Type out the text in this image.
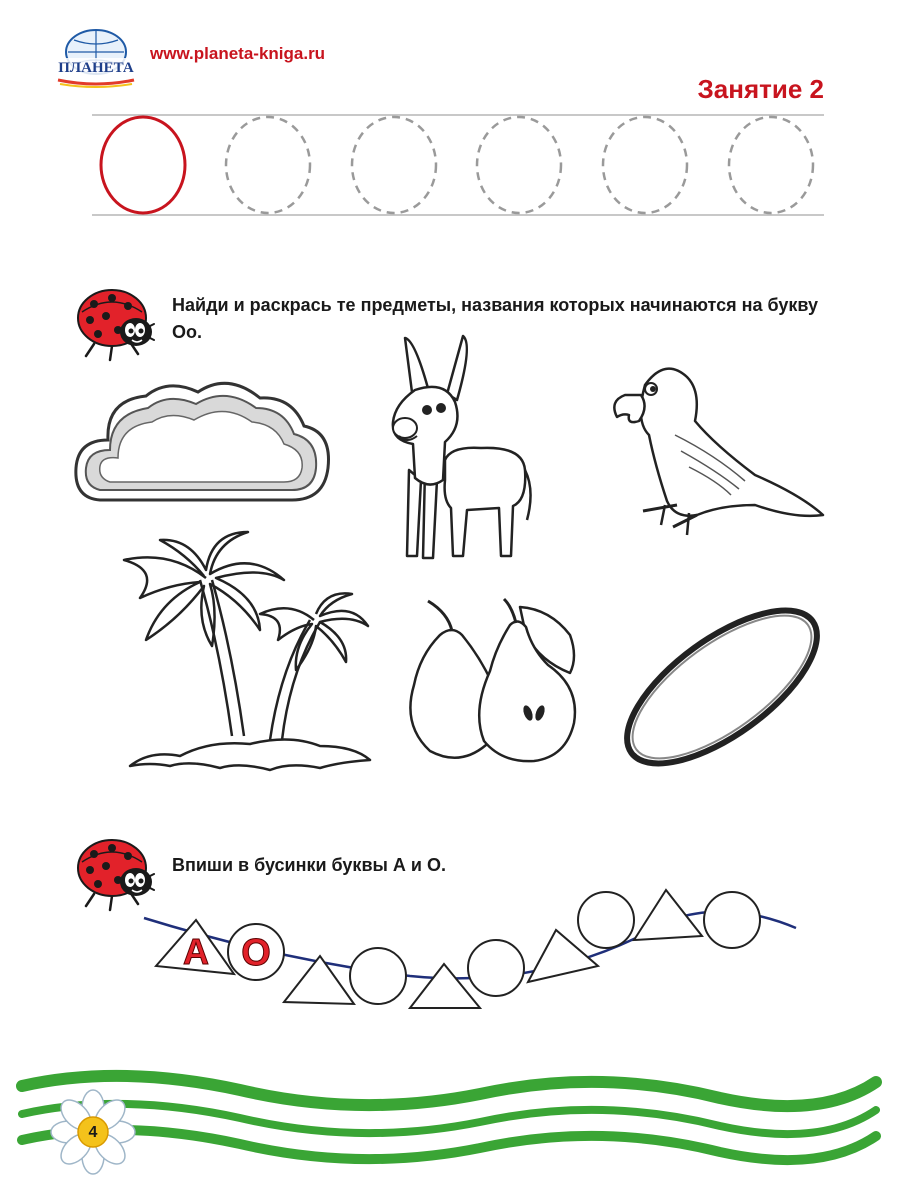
ПЛАНЕТА
www.planeta-kniga.ru
Занятие 2
Найди и раскрась те предметы, названия которых начинаются на букву Оо.
Впиши в бусинки буквы А и О.
А О
4
